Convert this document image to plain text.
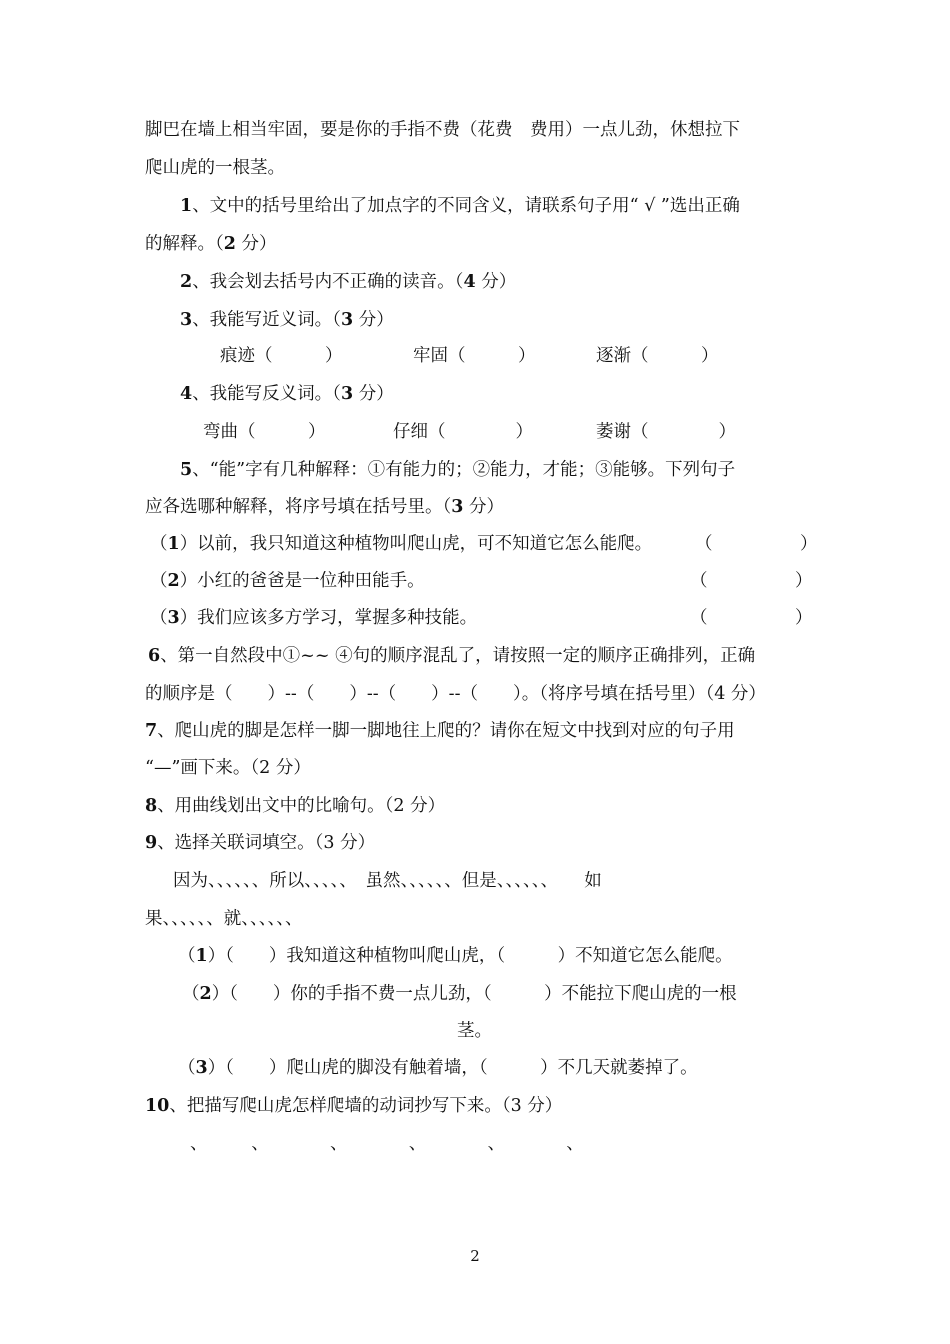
脚巴在墙上相当牢固，要是你的手指不费（花费　费用）一点儿劲，休想拉下
爬山虎的一根茎。
1、文中的括号里给出了加点字的不同含义，请联系句子用“ √ ”选出正确
的解释。（2 分）
2、我会划去括号内不正确的读音。（4 分）
3、我能写近义词。（3 分）
痕迹（　　　）	牢固（　　　）	逐渐（　　　）
4、我能写反义词。（3 分）
弯曲（　　　）	仔细（　　　　）	萎谢（　　　　）
5、“能”字有几种解释：①有能力的；②能力，才能；③能够。下列句子
应各选哪种解释，将序号填在括号里。（3 分）
（1）以前，我只知道这种植物叫爬山虎，可不知道它怎么能爬。 （　　　　　）
（2）小红的爸爸是一位种田能手。	（　　　　　）
（3）我们应该多方学习，掌握多种技能。	（　　　　　）
6、第一自然段中①~~ ④句的顺序混乱了，请按照一定的顺序正确排列，正确
的顺序是（　　）--（　　）--（　　）--（　　）。（将序号填在括号里）（4 分）
7、爬山虎的脚是怎样一脚一脚地往上爬的？请你在短文中找到对应的句子用
“—”画下来。（2 分）
8、用曲线划出文中的比喻句。（2 分）
9、选择关联词填空。（3 分）
因为、、、、、、所以、、、、、　虽然、、、、、、但是、、、、、、　　如
果、、、、、、就、、、、、、
（1）（　　）我知道这种植物叫爬山虎，（　　　）不知道它怎么能爬。
（2）（　　）你的手指不费一点儿劲，（　　　）不能拉下爬山虎的一根
茎。
（3）（　　）爬山虎的脚没有触着墙，（　　　）不几天就萎掉了。
10、把描写爬山虎怎样爬墙的动词抄写下来。（3 分）
、　　　、　　　　、　　　　、　　　　、　　　　、
2
